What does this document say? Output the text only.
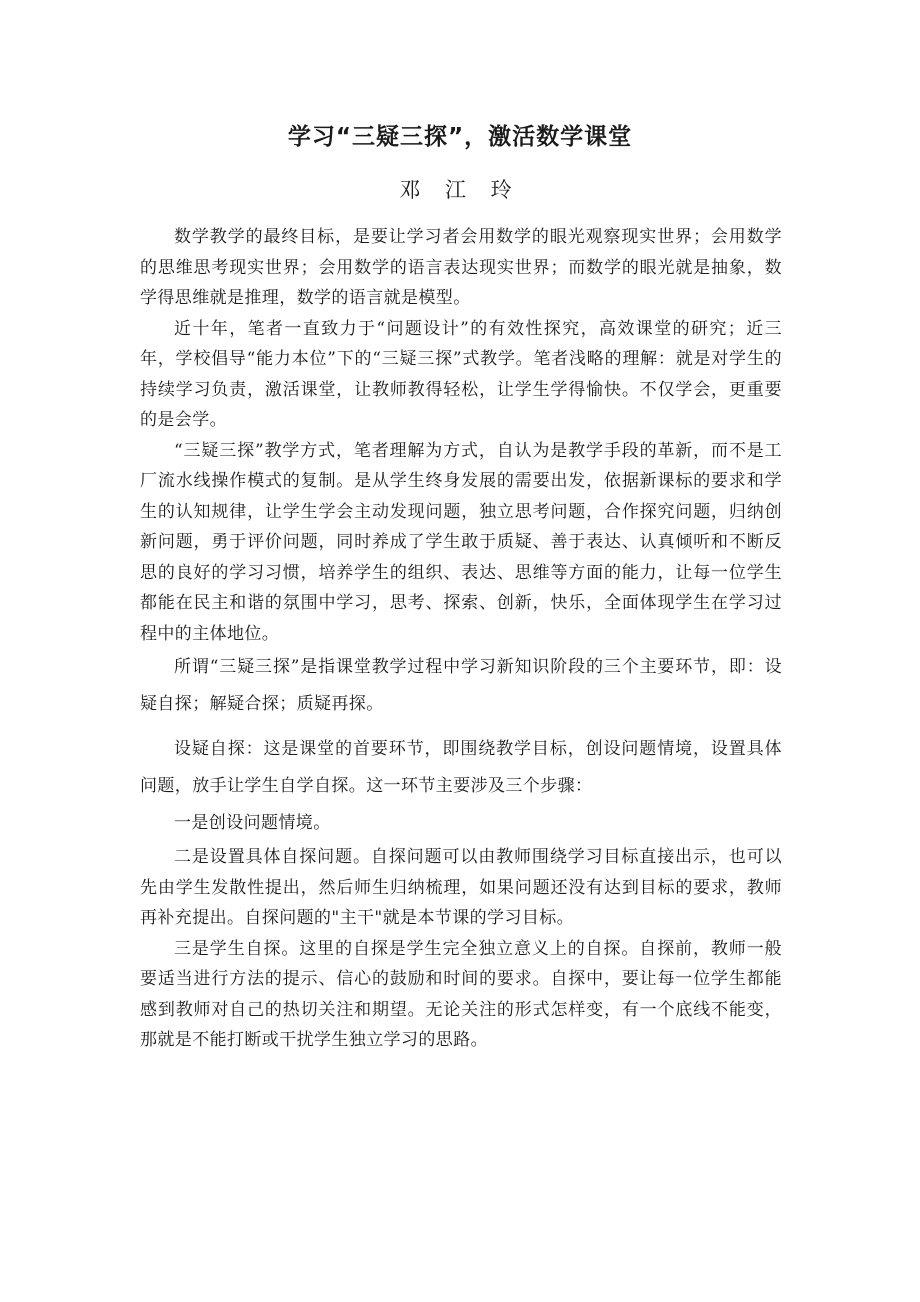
学习“三疑三探”，激活数学课堂

邓 江 玲

数学教学的最终目标，是要让学习者会用数学的眼光观察现实世界；会用数学的思维思考现实世界；会用数学的语言表达现实世界；而数学的眼光就是抽象，数学得思维就是推理，数学的语言就是模型。

近十年，笔者一直致力于“问题设计”的有效性探究，高效课堂的研究；近三年，学校倡导“能力本位”下的“三疑三探”式教学。笔者浅略的理解：就是对学生的持续学习负责，激活课堂，让教师教得轻松，让学生学得愉快。不仅学会，更重要的是会学。

“三疑三探”教学方式，笔者理解为方式，自认为是教学手段的革新，而不是工厂流水线操作模式的复制。是从学生终身发展的需要出发，依据新课标的要求和学生的认知规律，让学生学会主动发现问题，独立思考问题，合作探究问题，归纳创新问题，勇于评价问题，同时养成了学生敢于质疑、善于表达、认真倾听和不断反思的良好的学习习惯，培养学生的组织、表达、思维等方面的能力，让每一位学生都能在民主和谐的氛围中学习，思考、探索、创新，快乐，全面体现学生在学习过程中的主体地位。

所谓“三疑三探”是指课堂教学过程中学习新知识阶段的三个主要环节，即：设疑自探；解疑合探；质疑再探。

设疑自探：这是课堂的首要环节，即围绕教学目标，创设问题情境，设置具体问题，放手让学生自学自探。这一环节主要涉及三个步骤：

一是创设问题情境。

二是设置具体自探问题。自探问题可以由教师围绕学习目标直接出示，也可以先由学生发散性提出，然后师生归纳梳理，如果问题还没有达到目标的要求，教师再补充提出。自探问题的"主干"就是本节课的学习目标。

三是学生自探。这里的自探是学生完全独立意义上的自探。自探前，教师一般要适当进行方法的提示、信心的鼓励和时间的要求。自探中，要让每一位学生都能感到教师对自己的热切关注和期望。无论关注的形式怎样变，有一个底线不能变，那就是不能打断或干扰学生独立学习的思路。
